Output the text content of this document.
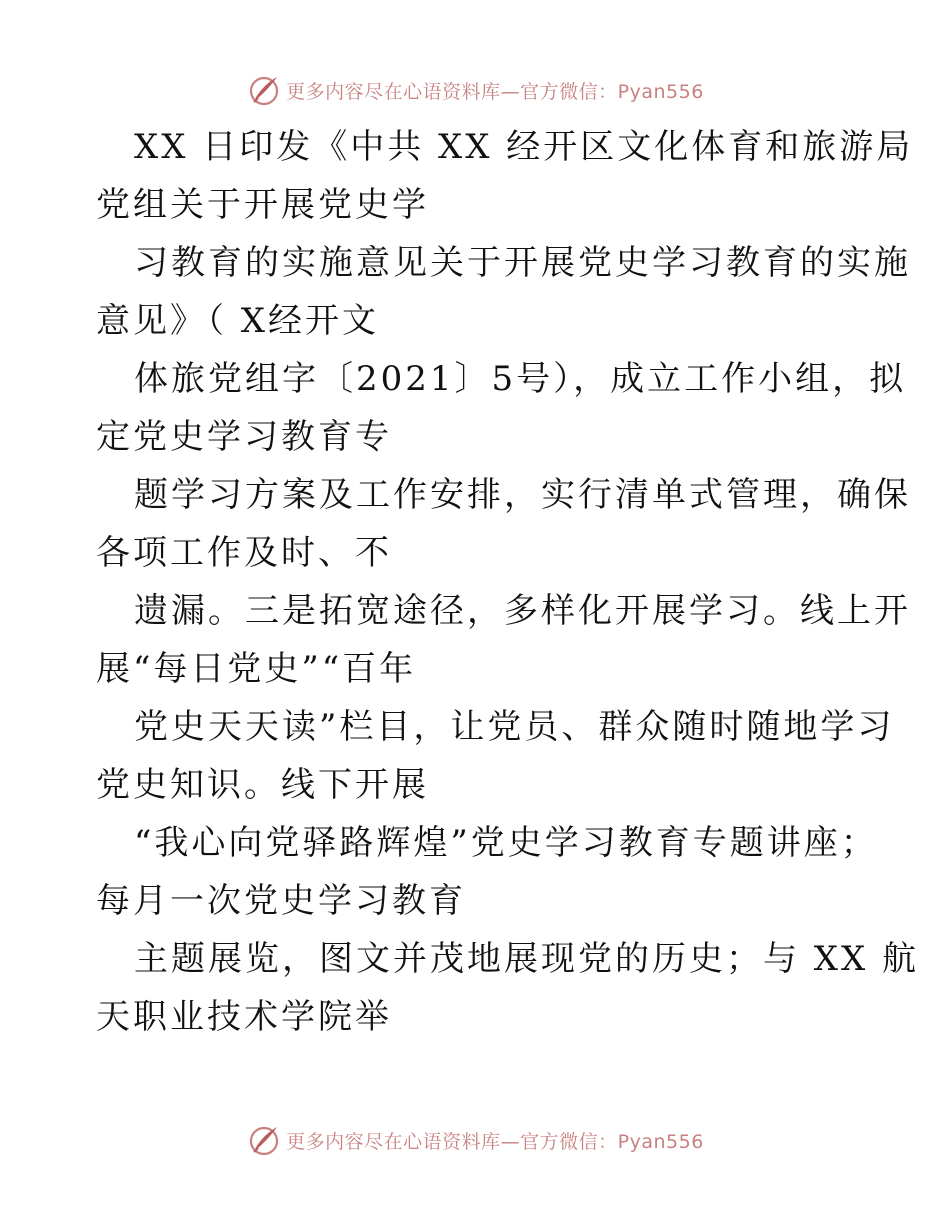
更多内容尽在心语资料库—官方微信：Pyan556
XX 日印发《中共 XX 经开区文化体育和旅游局
党组关于开展党史学
习教育的实施意见关于开展党史学习教育的实施
意见》（ X经开文
体旅党组字〔2021〕5号），成立工作小组，拟
定党史学习教育专
题学习方案及工作安排，实行清单式管理，确保
各项工作及时、不
遗漏。三是拓宽途径，多样化开展学习。线上开
展“每日党史”“百年
党史天天读”栏目，让党员、群众随时随地学习
党史知识。线下开展
“我心向党驿路辉煌”党史学习教育专题讲座；
每月一次党史学习教育
主题展览，图文并茂地展现党的历史；与 XX 航
天职业技术学院举
更多内容尽在心语资料库—官方微信：Pyan556
